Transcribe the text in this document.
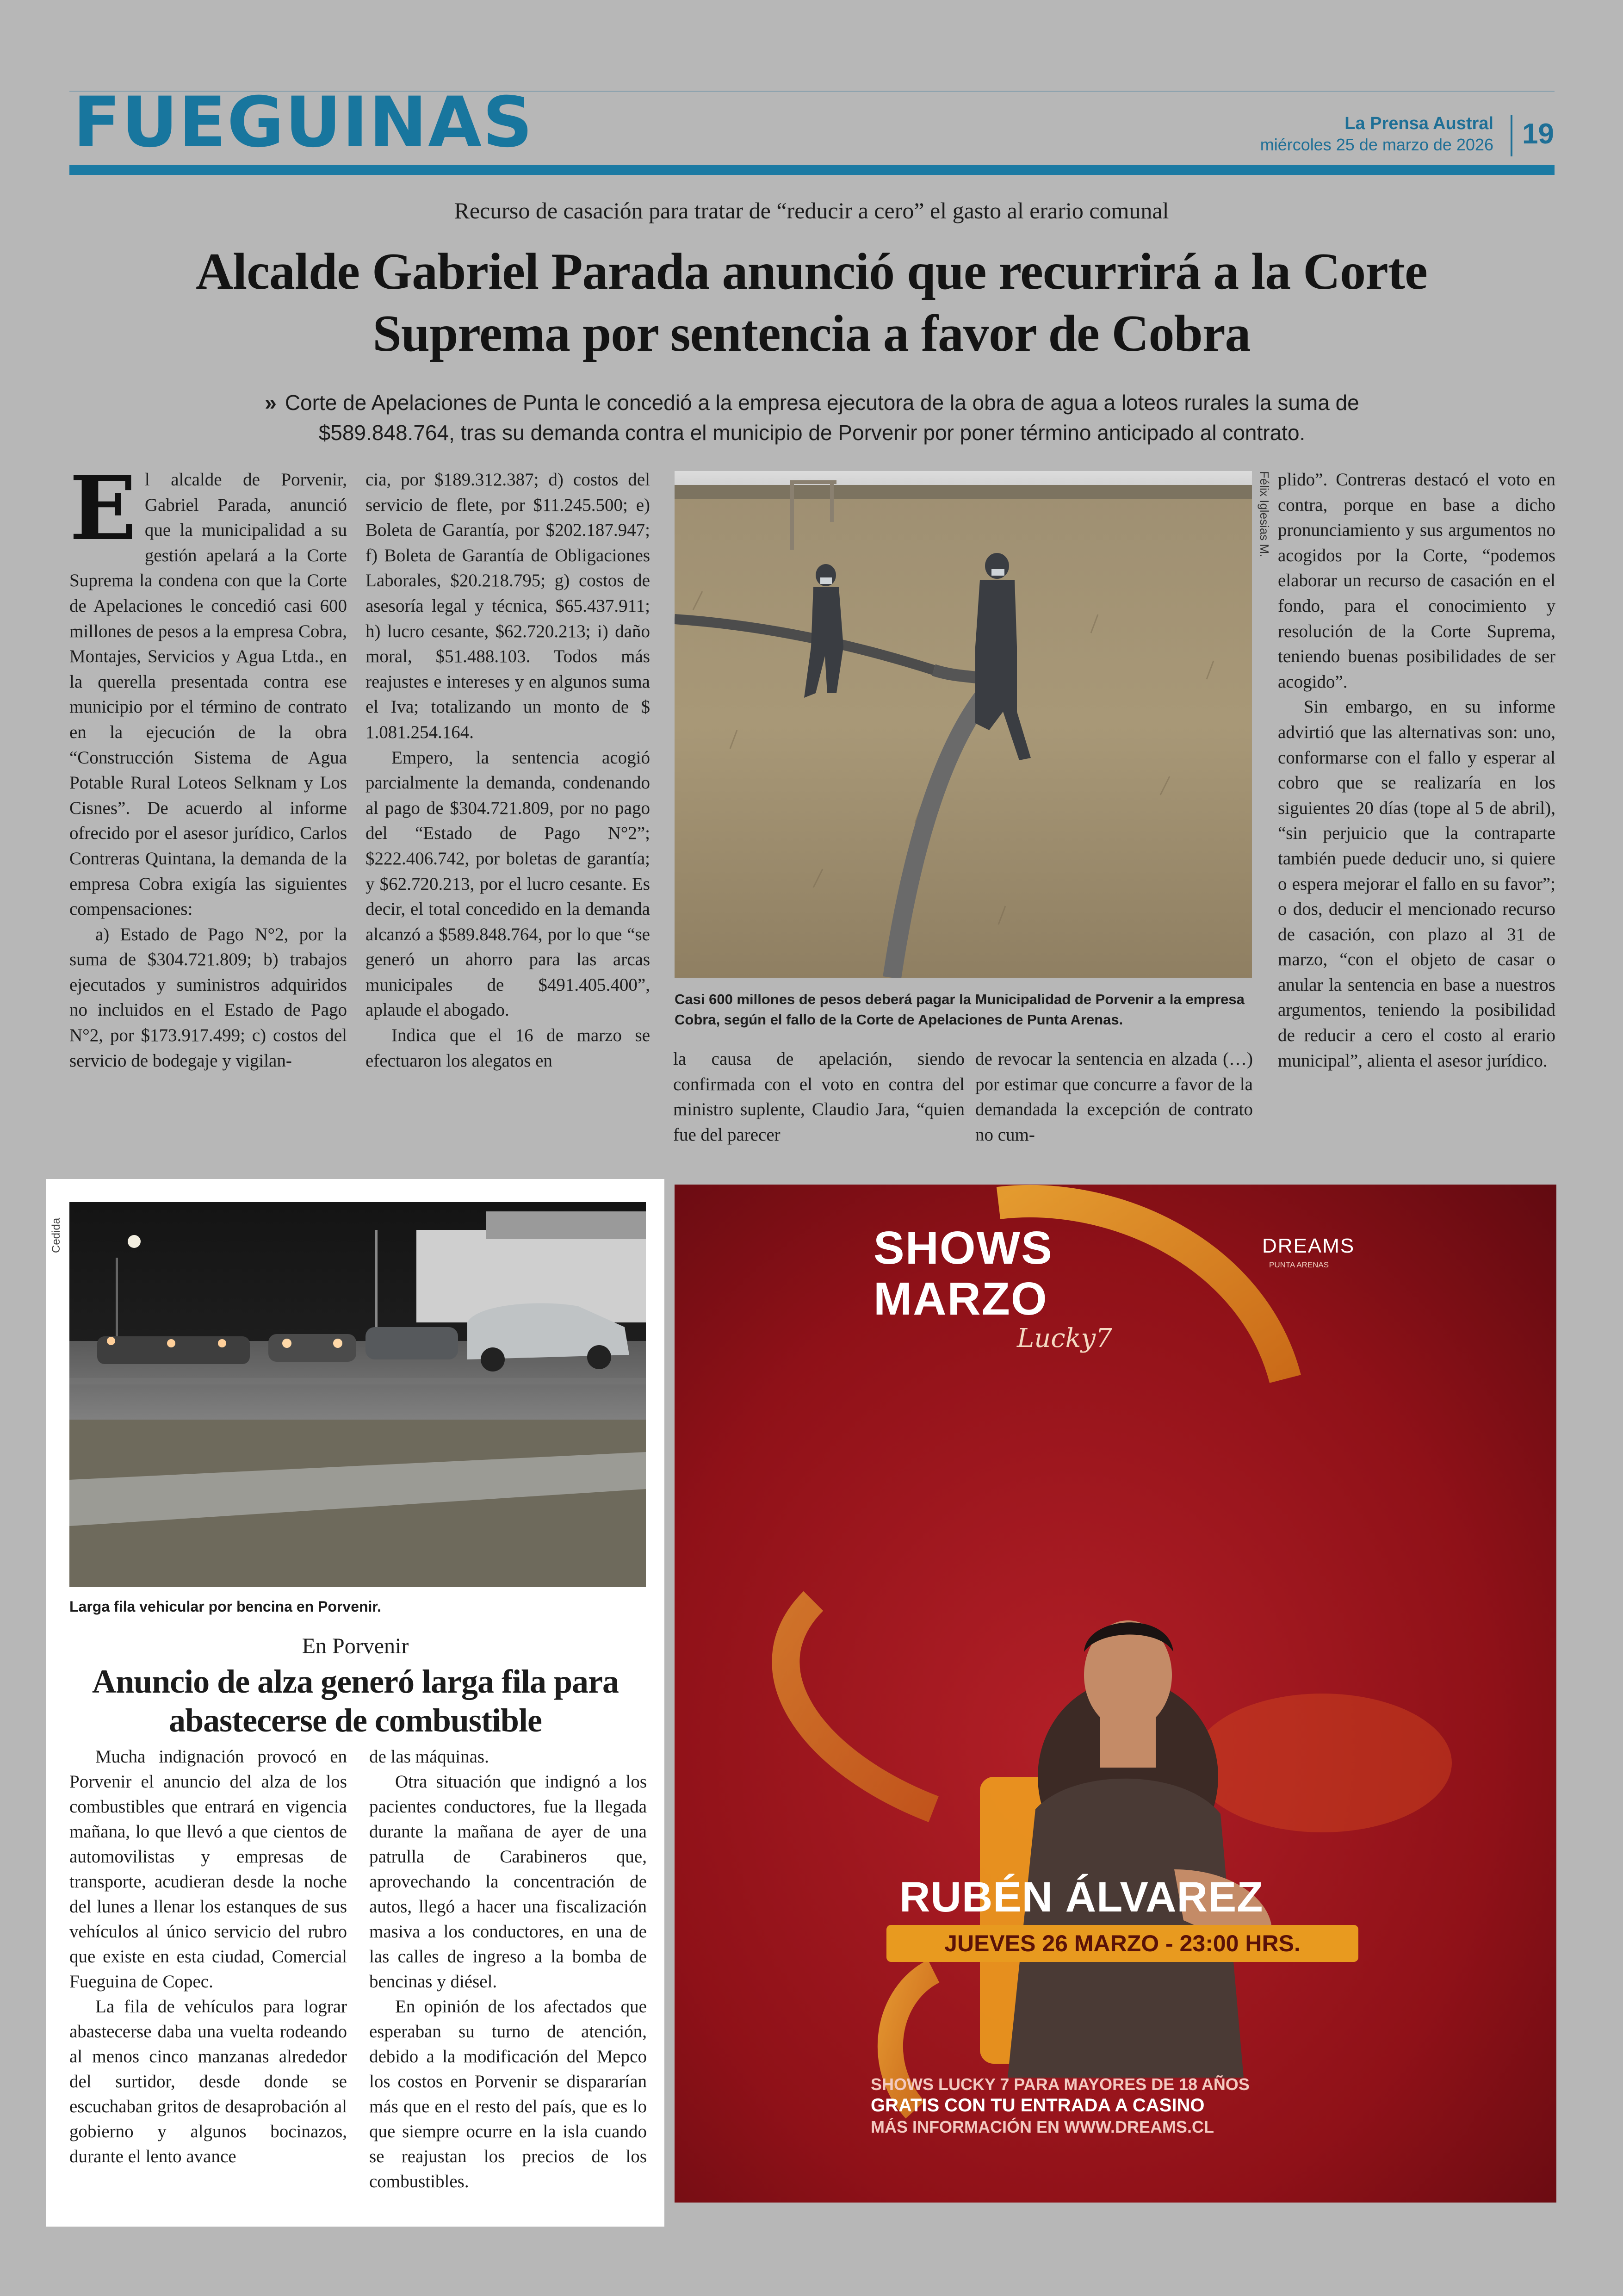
FUEGUINAS	La Prensa Austral
miércoles 25 de marzo de 2026 19
Recurso de casación para tratar de “reducir a cero” el gasto al erario comunal
Alcalde Gabriel Parada anunció que recurrirá a la Corte Suprema por sentencia a favor de Cobra
» Corte de Apelaciones de Punta le concedió a la empresa ejecutora de la obra de agua a loteos rurales la suma de $589.848.764, tras su demanda contra el municipio de Porvenir por poner término anticipado al contrato.
E l alcalde de Porvenir, Gabriel Parada, anunció que la municipalidad a su gestión apelará a la Corte Suprema la condena con que la Corte de Apelaciones le concedió casi 600 millones de pesos a la empresa Cobra, Montajes, Servicios y Agua Ltda., en la querella presentada contra ese municipio por el término de contrato en la ejecución de la obra “Construcción Sistema de Agua Potable Rural Loteos Selknam y Los Cisnes”. De acuerdo al informe ofrecido por el asesor jurídico, Carlos Contreras Quintana, la demanda de la empresa Cobra exigía las siguientes compensaciones:

a) Estado de Pago N°2, por la suma de $304.721.809; b) trabajos ejecutados y suministros adquiridos no incluidos en el Estado de Pago N°2, por $173.917.499; c) costos del servicio de bodegaje y vigilan-

cia, por $189.312.387; d) costos del servicio de flete, por $11.245.500; e) Boleta de Garantía, por $202.187.947; f) Boleta de Garantía de Obligaciones Laborales, $20.218.795; g) costos de asesoría legal y técnica, $65.437.911; h) lucro cesante, $62.720.213; i) daño moral, $51.488.103. Todos más reajustes e intereses y en algunos suma el Iva; totalizando un monto de $ 1.081.254.164.

Empero, la sentencia acogió parcialmente la demanda, condenando al pago de $304.721.809, por no pago del “Estado de Pago N°2”; $222.406.742, por boletas de garantía; y $62.720.213, por el lucro cesante. Es decir, el total concedido en la demanda alcanzó a $589.848.764, por lo que “se generó un ahorro para las arcas municipales de $491.405.400”, aplaude el abogado.

Indica que el 16 de marzo se efectuaron los alegatos en

Félix Iglesias M.
Casi 600 millones de pesos deberá pagar la Municipalidad de Porvenir a la empresa Cobra, según el fallo de la Corte de Apelaciones de Punta Arenas.

la causa de apelación, siendo confirmada con el voto en contra del ministro suplente, Claudio Jara, “quien fue del parecer

de revocar la sentencia en alzada (…) por estimar que concurre a favor de la demandada la excepción de contrato no cum-

plido”. Contreras destacó el voto en contra, porque en base a dicho pronunciamiento y sus argumentos no acogidos por la Corte, “podemos elaborar un recurso de casación en el fondo, para el conocimiento y resolución de la Corte Suprema, teniendo buenas posibilidades de ser acogido”.

Sin embargo, en su informe advirtió que las alternativas son: uno, conformarse con el fallo y esperar al cobro que se realizaría en los siguientes 20 días (tope al 5 de abril), “sin perjuicio que la contraparte también puede deducir uno, si quiere o espera mejorar el fallo en su favor”; o dos, deducir el mencionado recurso de casación, con plazo al 31 de marzo, “con el objeto de casar o anular la sentencia en base a nuestros argumentos, teniendo la posibilidad de reducir a cero el costo al erario municipal”, alienta el asesor jurídico.

Cedida
Larga fila vehicular por bencina en Porvenir.
En Porvenir
Anuncio de alza generó larga fila para abastecerse de combustible

Mucha indignación provocó en Porvenir el anuncio del alza de los combustibles que entrará en vigencia mañana, lo que llevó a que cientos de automovilistas y empresas de transporte, acudieran desde la noche del lunes a llenar los estanques de sus vehículos al único servicio del rubro que existe en esta ciudad, Comercial Fueguina de Copec.

La fila de vehículos para lograr abastecerse daba una vuelta rodeando al menos cinco manzanas alrededor del surtidor, desde donde se escuchaban gritos de desaprobación al gobierno y algunos bocinazos, durante el lento avance

de las máquinas.

Otra situación que indignó a los pacientes conductores, fue la llegada durante la mañana de ayer de una patrulla de Carabineros que, aprovechando la concentración de autos, llegó a hacer una fiscalización masiva a los conductores, en una de las calles de ingreso a la bomba de bencinas y diésel.

En opinión de los afectados que esperaban su turno de atención, debido a la modificación del Mepco los costos en Porvenir se dispararían más que en el resto del país, que es lo que siempre ocurre en la isla cuando se reajustan los precios de los combustibles.

SHOWS
MARZO
Lucky7
DREAMS
PUNTA ARENAS
RUBÉN ÁLVAREZ
JUEVES 26 MARZO - 23:00 HRS.
SHOWS LUCKY 7 PARA MAYORES DE 18 AÑOS
GRATIS CON TU ENTRADA A CASINO
MÁS INFORMACIÓN EN WWW.DREAMS.CL
